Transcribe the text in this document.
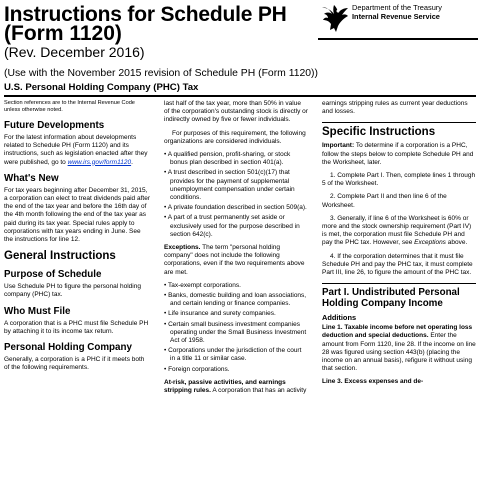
Instructions for Schedule PH
(Form 1120)
(Rev. December 2016)
(Use with the November 2015 revision of Schedule PH (Form 1120))
U.S. Personal Holding Company (PHC) Tax
Department of the Treasury
Internal Revenue Service

Section references are to the Internal Revenue Code unless otherwise noted.

Future Developments

For the latest information about developments related to Schedule PH (Form 1120) and its instructions, such as legislation enacted after they were published, go to www.irs.gov/form1120.

What's New

For tax years beginning after December 31, 2015, a corporation can elect to treat dividends paid after the end of the tax year and before the 16th day of the 4th month following the end of the tax year as paid during its tax year. Special rules apply to corporations with tax years ending in June. See the instructions for line 12.

General Instructions
Purpose of Schedule

Use Schedule PH to figure the personal holding company (PHC) tax.

Who Must File

A corporation that is a PHC must file Schedule PH by attaching it to its income tax return.

Personal Holding Company

Generally, a corporation is a PHC if it meets both of the following requirements.

last half of the tax year, more than 50% in value of the corporation's outstanding stock is directly or indirectly owned by five or fewer individuals.

For purposes of this requirement, the following organizations are considered individuals.

• A qualified pension, profit-sharing, or stock bonus plan described in section 401(a).

• A trust described in section 501(c)(17) that provides for the payment of supplemental unemployment compensation under certain conditions.

• A private foundation described in section 509(a).

• A part of a trust permanently set aside or exclusively used for the purpose described in section 642(c).

Exceptions. The term "personal holding company" does not include the following corporations, even if the two requirements above are met.

• Tax-exempt corporations.

• Banks, domestic building and loan associations, and certain lending or finance companies.

• Life insurance and surety companies.

• Certain small business investment companies operating under the Small Business Investment Act of 1958.

• Corporations under the jurisdiction of the court in a title 11 or similar case.

• Foreign corporations.

At-risk, passive activities, and earnings stripping rules. A corporation that has an activity

earnings stripping rules as current year deductions and losses.

Specific Instructions

Important: To determine if a corporation is a PHC, follow the steps below to complete Schedule PH and the Worksheet, later.

1. Complete Part I. Then, complete lines 1 through 5 of the Worksheet.

2. Complete Part II and then line 6 of the Worksheet.

3. Generally, if line 6 of the Worksheet is 60% or more and the stock ownership requirement (Part IV) is met, the corporation must file Schedule PH and pay the PHC tax. However, see Exceptions above.

4. If the corporation determines that it must file Schedule PH and pay the PHC tax, it must complete Part III, line 26, to figure the amount of the PHC tax.

Part I. Undistributed Personal Holding Company Income
Additions

Line 1. Taxable income before net operating loss deduction and special deductions. Enter the amount from Form 1120, line 28. If the income on line 28 was figured using section 443(b) (placing the income on an annual basis), refigure it without using that section.

Line 3. Excess expenses and de-
